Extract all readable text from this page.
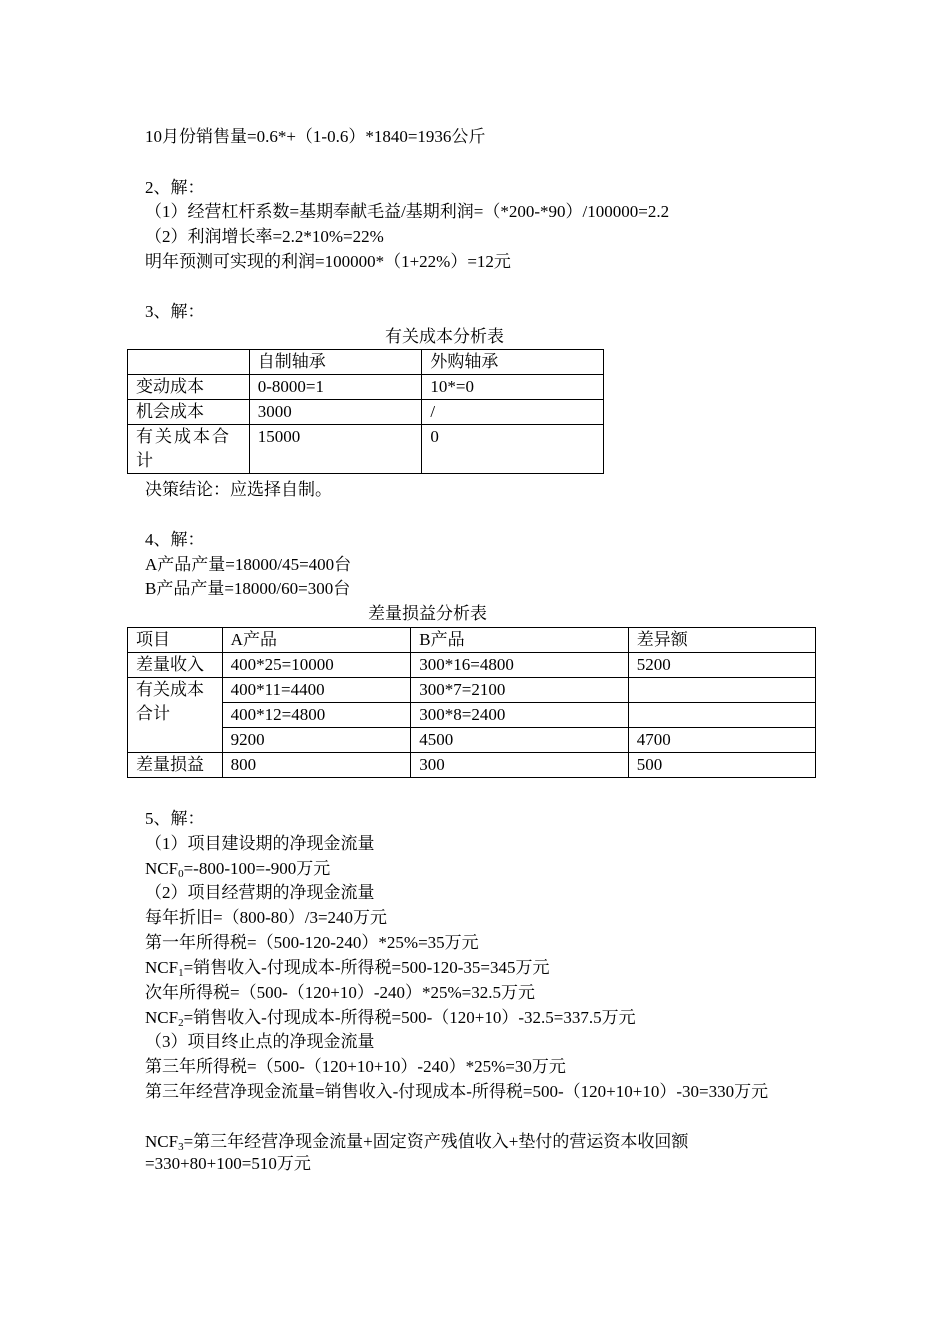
10月份销售量=0.6*+（1-0.6）*1840=1936公斤
2、解：
（1）经营杠杆系数=基期奉献毛益/基期利润=（*200-*90）/100000=2.2
（2）利润增长率=2.2*10%=22%
明年预测可实现的利润=100000*（1+22%）=12元
3、解：
有关成本分析表
	自制轴承	外购轴承
变动成本	0-8000=1	10*=0
机会成本	3000	/
有关成本合计	15000	0
决策结论：应选择自制。
4、解：
A产品产量=18000/45=400台
B产品产量=18000/60=300台
差量损益分析表
项目	A产品	B产品	差异额
差量收入	400*25=10000	300*16=4800	5200
有关成本合计	400*11=4400	300*7=2100	
	400*12=4800	300*8=2400	
	9200	4500	4700
差量损益	800	300	500
5、解：
（1）项目建设期的净现金流量
$NCF_0=-800-100=-900$万元
（2）项目经营期的净现金流量
每年折旧=（800-80）/3=240万元
第一年所得税=（500-120-240）*25%=35万元
$NCF_1=$销售收入-付现成本-所得税=500-120-35=345万元
次年所得税=（500-（120+10）-240）*25%=32.5万元
$NCF_2=$销售收入-付现成本-所得税=500-（120+10）-32.5=337.5万元
（3）项目终止点的净现金流量
第三年所得税=（500-（120+10+10）-240）*25%=30万元
第三年经营净现金流量=销售收入-付现成本-所得税=500-（120+10+10）-30=330万元
$NCF_3=$第三年经营净现金流量+固定资产残值收入+垫付的营运资本收回额=330+80+100=510万元
